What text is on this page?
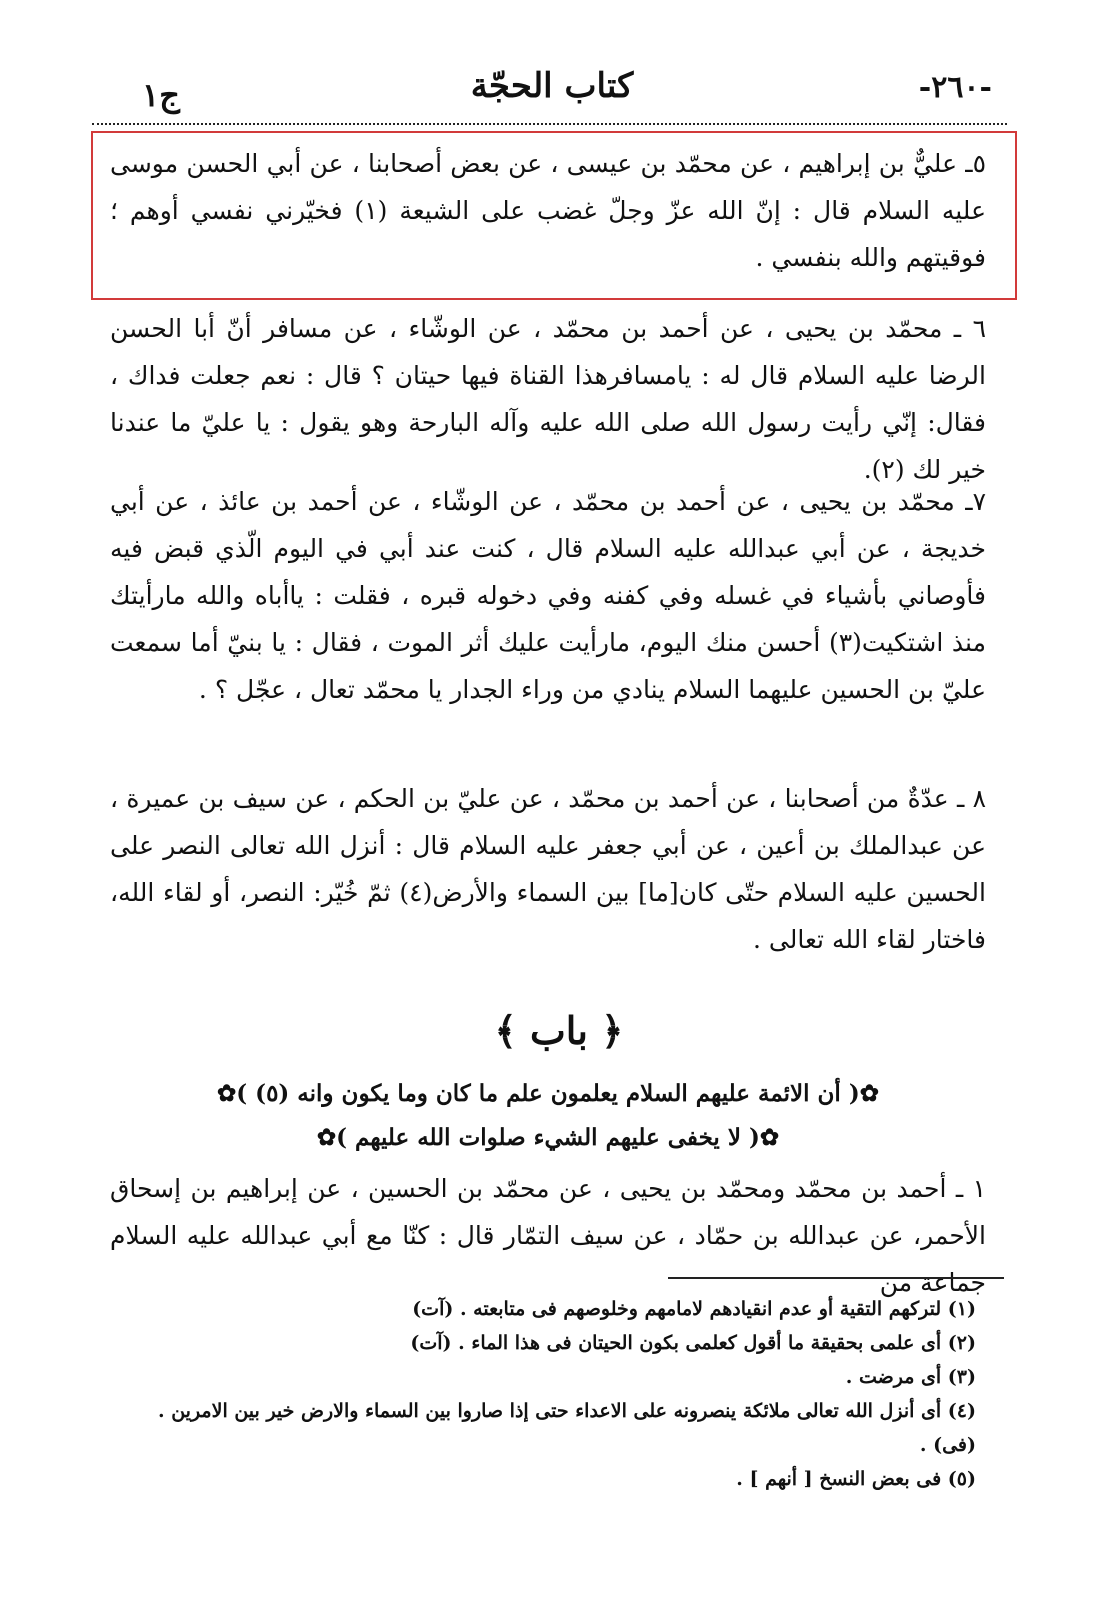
-٢٦٠-
كتاب الحجّة
ج١

٥ـ عليٌّ بن إبراهيم ، عن محمّد بن عيسى ، عن بعض أصحابنا ، عن أبي الحسن موسى عليه السلام قال : إنّ الله عزّ وجلّ غضب على الشيعة (١) فخيّرني نفسي أوهم ؛ فوقيتهم والله بنفسي .

٦ ـ محمّد بن يحيى ، عن أحمد بن محمّد ، عن الوشّاء ، عن مسافر أنّ أبا الحسن الرضا عليه السلام قال له : يامسافرهذا القناة فيها حيتان ؟ قال : نعم جعلت فداك ، فقال: إنّي رأيت رسول الله صلى الله عليه وآله البارحة وهو يقول : يا عليّ ما عندنا خير لك (٢).

٧ـ محمّد بن يحيى ، عن أحمد بن محمّد ، عن الوشّاء ، عن أحمد بن عائذ ، عن أبي خديجة ، عن أبي عبدالله عليه السلام قال ، كنت عند أبي في اليوم الّذي قبض فيه فأوصاني بأشياء في غسله وفي كفنه وفي دخوله قبره ، فقلت : ياأباه والله مارأيتك منذ اشتكيت(٣) أحسن منك اليوم، مارأيت عليك أثر الموت ، فقال : يا بنيّ أما سمعت عليّ بن الحسين عليهما السلام ينادي من وراء الجدار يا محمّد تعال ، عجّل ؟ .

٨ ـ عدّةٌ من أصحابنا ، عن أحمد بن محمّد ، عن عليّ بن الحكم ، عن سيف بن عميرة ، عن عبدالملك بن أعين ، عن أبي جعفر عليه السلام قال : أنزل الله تعالى النصر على الحسين عليه السلام حتّى كان[ما] بين السماء والأرض(٤) ثمّ خُيّر: النصر، أو لقاء الله، فاختار لقاء الله تعالى .

﴿ باب ﴾
✿( أن الائمة عليهم السلام يعلمون علم ما كان وما يكون وانه (٥) )✿
✿( لا يخفى عليهم الشيء صلوات الله عليهم )✿

١ ـ أحمد بن محمّد ومحمّد بن يحيى ، عن محمّد بن الحسين ، عن إبراهيم بن إسحاق الأحمر، عن عبدالله بن حمّاد ، عن سيف التمّار قال : كنّا مع أبي عبدالله عليه السلام جماعة من

(١) لتركهم التقية أو عدم انقيادهم لامامهم وخلوصهم فى متابعته . (آت)
(٢) أى علمى بحقيقة ما أقول كعلمى بكون الحيتان فى هذا الماء . (آت)
(٣) أى مرضت .
(٤) أى أنزل الله تعالى ملائكة ينصرونه على الاعداء حتى إذا صاروا بين السماء والارض خير بين الامرين . (فى) .
(٥) فى بعض النسخ [ أنهم ] .
